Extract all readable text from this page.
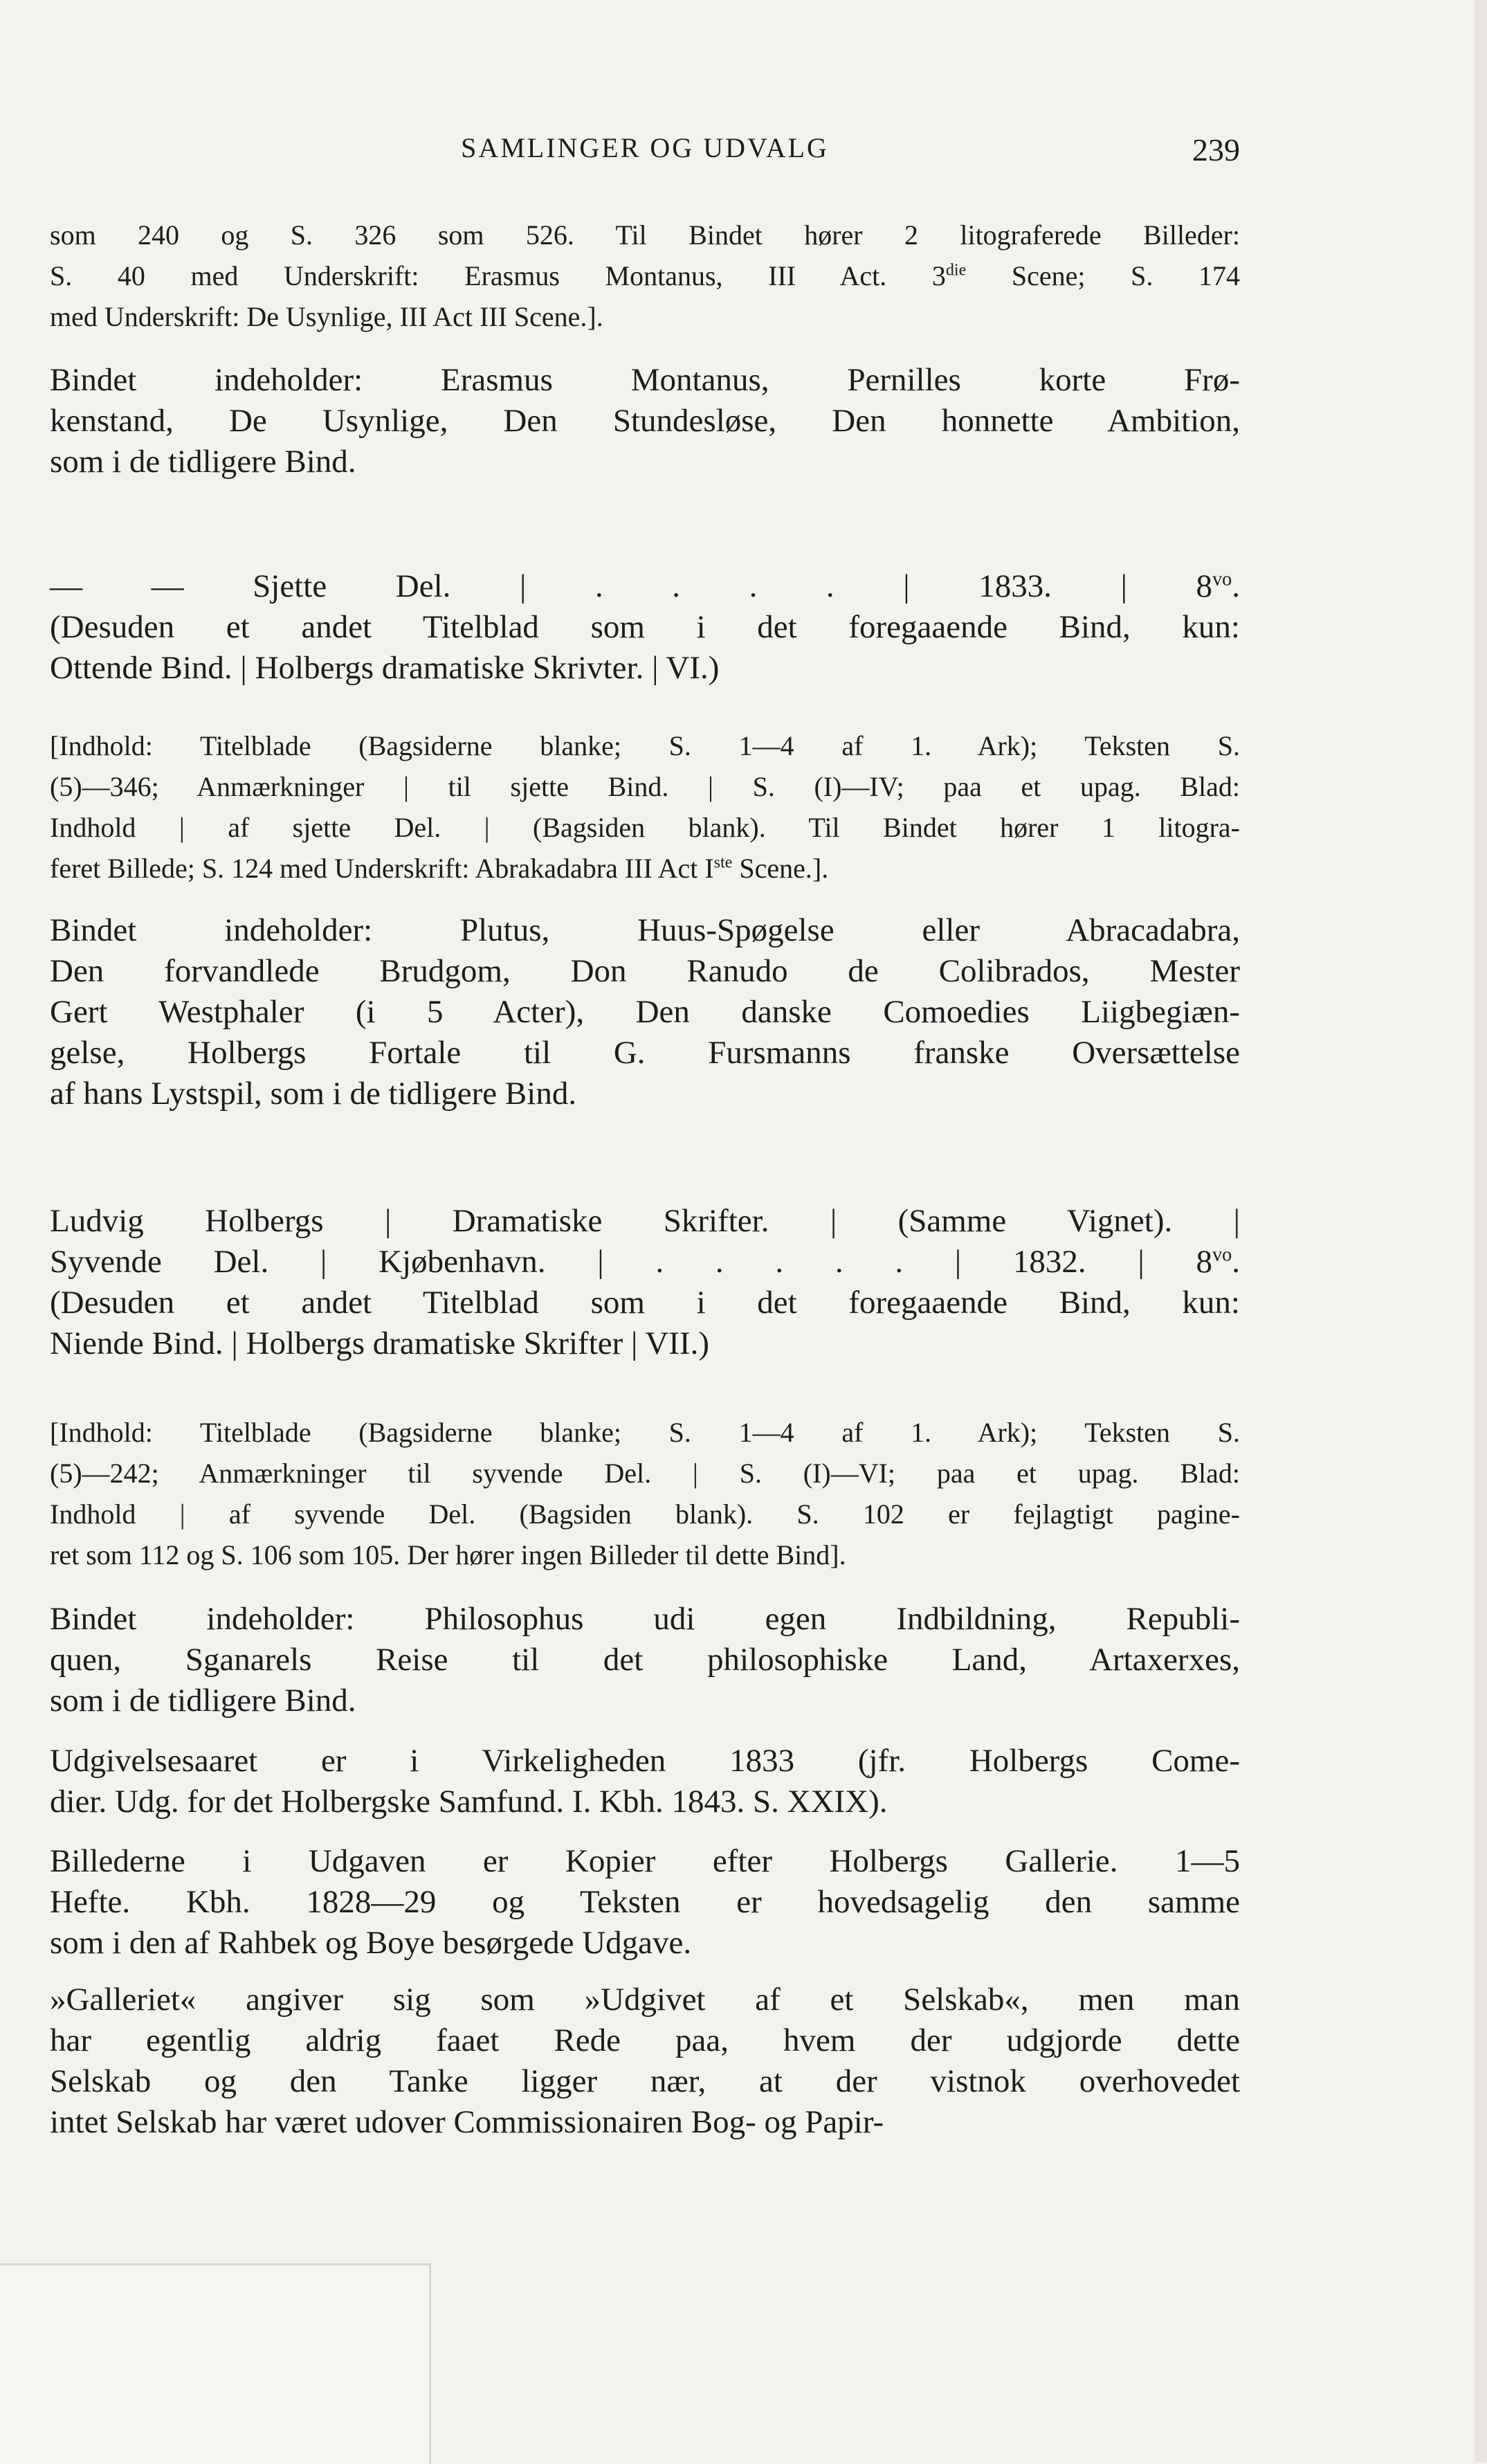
SAMLINGER OG UDVALG	239
som 240 og S. 326 som 526. Til Bindet hører 2 litograferede Billeder:
S. 40 med Underskrift: Erasmus Montanus, III Act. $3^{die}$ Scene; S. 174
med Underskrift: De Usynlige, III Act III Scene.].
Bindet indeholder: Erasmus Montanus, Pernilles korte Frø-
kenstand, De Usynlige, Den Stundesløse, Den honnette Ambition,
som i de tidligere Bind.
— — Sjette Del. | . . . . | 1833. | $8^{vo}$.
(Desuden et andet Titelblad som i det foregaaende Bind, kun:
Ottende Bind. | Holbergs dramatiske Skrivter. | VI.)
[Indhold: Titelblade (Bagsiderne blanke; S. 1—4 af 1. Ark); Teksten S.
(5)—346; Anmærkninger | til sjette Bind. | S. (I)—IV; paa et upag. Blad:
Indhold | af sjette Del. | (Bagsiden blank). Til Bindet hører 1 litogra-
feret Billede; S. 124 med Underskrift: Abrakadabra III Act Iste Scene.].
Bindet indeholder: Plutus, Huus-Spøgelse eller Abracadabra,
Den forvandlede Brudgom, Don Ranudo de Colibrados, Mester
Gert Westphaler (i 5 Acter), Den danske Comoedies Liigbegiæn-
gelse, Holbergs Fortale til G. Fursmanns franske Oversættelse
af hans Lystspil, som i de tidligere Bind.
Ludvig Holbergs | Dramatiske Skrifter. | (Samme Vignet). |
Syvende Del. | Kjøbenhavn. | . . . . . | 1832. | $8^{vo}$.
(Desuden et andet Titelblad som i det foregaaende Bind, kun:
Niende Bind. | Holbergs dramatiske Skrifter | VII.)
[Indhold: Titelblade (Bagsiderne blanke; S. 1—4 af 1. Ark); Teksten S.
(5)—242; Anmærkninger til syvende Del. | S. (I)—VI; paa et upag. Blad:
Indhold | af syvende Del. (Bagsiden blank). S. 102 er fejlagtigt pagine-
ret som 112 og S. 106 som 105. Der hører ingen Billeder til dette Bind].
Bindet indeholder: Philosophus udi egen Indbildning, Republi-
quen, Sganarels Reise til det philosophiske Land, Artaxerxes,
som i de tidligere Bind.
Udgivelsesaaret er i Virkeligheden 1833 (jfr. Holbergs Come-
dier. Udg. for det Holbergske Samfund. I. Kbh. 1843. S. XXIX).
Billederne i Udgaven er Kopier efter Holbergs Gallerie. 1—5
Hefte. Kbh. 1828—29 og Teksten er hovedsagelig den samme
som i den af Rahbek og Boye besørgede Udgave.
»Galleriet« angiver sig som »Udgivet af et Selskab«, men man
har egentlig aldrig faaet Rede paa, hvem der udgjorde dette
Selskab og den Tanke ligger nær, at der vistnok overhovedet
intet Selskab har været udover Commissionairen Bog- og Papir-
